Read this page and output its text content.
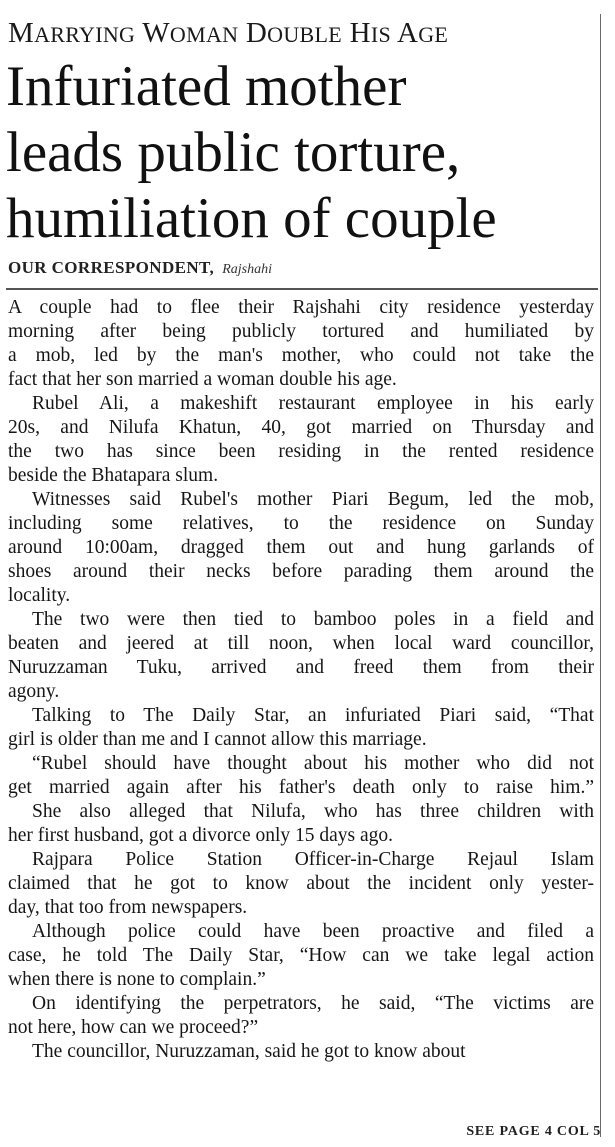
MARRYING WOMAN DOUBLE HIS AGE
Infuriated mother
leads public torture,
humiliation of couple
OUR CORRESPONDENT, Rajshahi
A couple had to flee their Rajshahi city residence yesterday
morning after being publicly tortured and humiliated by
a mob, led by the man's mother, who could not take the
fact that her son married a woman double his age.
Rubel Ali, a makeshift restaurant employee in his early
20s, and Nilufa Khatun, 40, got married on Thursday and
the two has since been residing in the rented residence
beside the Bhatapara slum.
Witnesses said Rubel's mother Piari Begum, led the mob,
including some relatives, to the residence on Sunday
around 10:00am, dragged them out and hung garlands of
shoes around their necks before parading them around the
locality.
The two were then tied to bamboo poles in a field and
beaten and jeered at till noon, when local ward councillor,
Nuruzzaman Tuku, arrived and freed them from their
agony.
Talking to The Daily Star, an infuriated Piari said, “That
girl is older than me and I cannot allow this marriage.
“Rubel should have thought about his mother who did not
get married again after his father's death only to raise him.”
She also alleged that Nilufa, who has three children with
her first husband, got a divorce only 15 days ago.
Rajpara Police Station Officer-in-Charge Rejaul Islam
claimed that he got to know about the incident only yester-
day, that too from newspapers.
Although police could have been proactive and filed a
case, he told The Daily Star, “How can we take legal action
when there is none to complain.”
On identifying the perpetrators, he said, “The victims are
not here, how can we proceed?”
The councillor, Nuruzzaman, said he got to know about
SEE PAGE 4 COL 5
